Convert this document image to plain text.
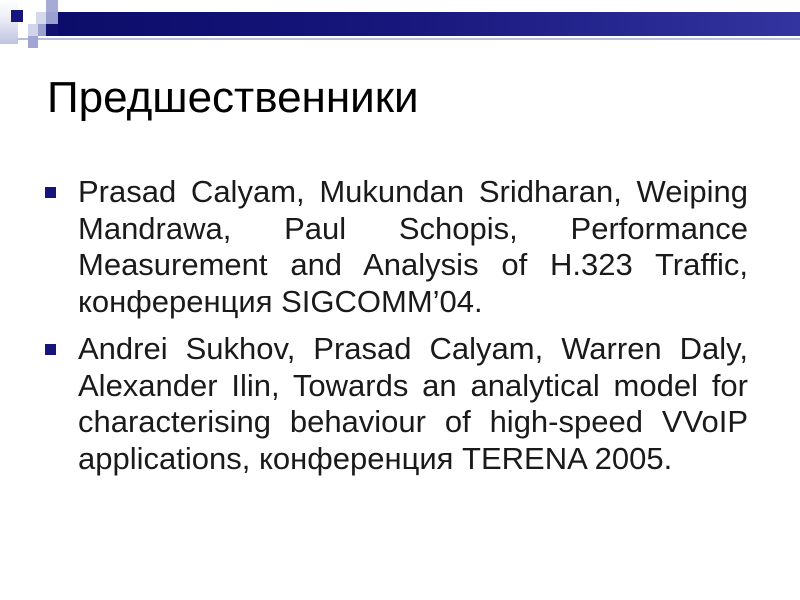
Предшественники
Prasad Calyam, Mukundan Sridharan, Weiping
Mandrawa, Paul Schopis, Performance
Measurement and Analysis of H.323 Traffic,
конференция SIGCOMM’04.
Andrei Sukhov, Prasad Calyam, Warren Daly,
Alexander Ilin, Towards an analytical model for
characterising behaviour of high-speed VVoIP
applications, конференция TERENA 2005.
